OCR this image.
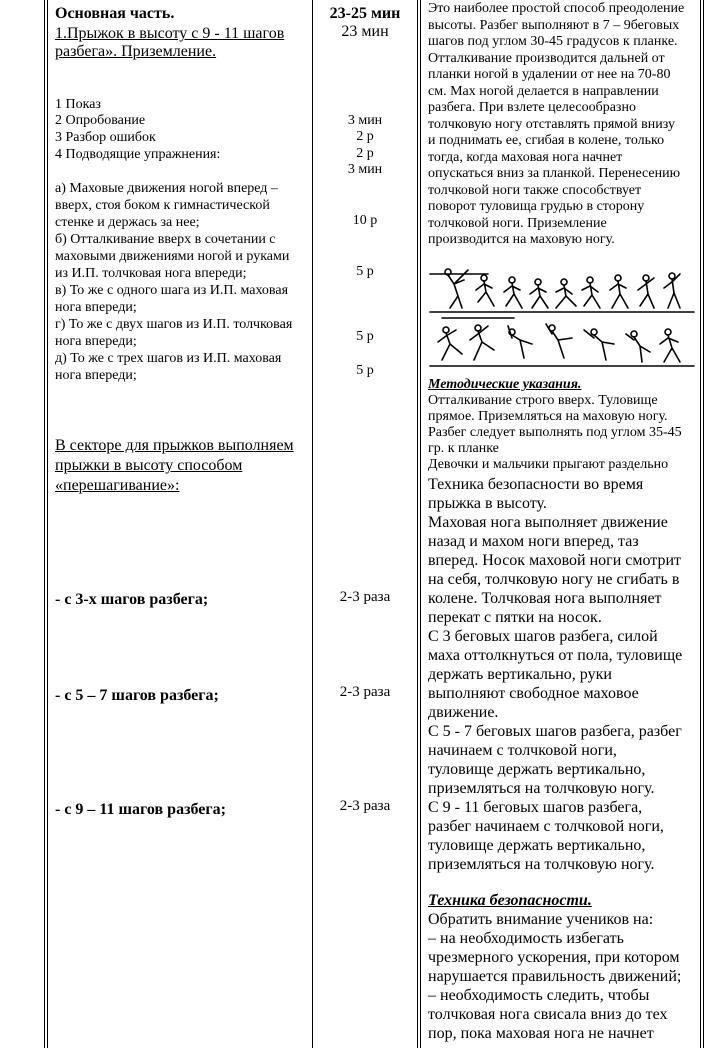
Основная часть.
1.Прыжок в высоту с 9 - 11 шагов
разбега». Приземление.
1 Показ
2 Опробование
3 Разбор ошибок
4 Подводящие упражнения:
а) Маховые движения ногой вперед –
вверх, стоя боком к гимнастической
стенке и держась за нее;
б) Отталкивание вверх в сочетании с
маховыми движениями ногой и руками
из И.П. толчковая нога впереди;
в) То же с одного шага из И.П. маховая
нога впереди;
г) То же с двух шагов из И.П. толчковая
нога впереди;
д) То же с трех шагов из И.П. маховая
нога впереди;
В секторе для прыжков выполняем
прыжки в высоту способом
«перешагивание»:
- с 3-х шагов разбега;
- с 5 – 7 шагов разбега;
- с 9 – 11 шагов разбега;
23-25 мин
23 мин
3 мин
2 р
2 р
3 мин
10 р
5 р
5 р
5 р
2-3 раза
2-3 раза
2-3 раза
Это наиболее простой способ преодоление
высоты. Разбег выполняют в 7 – 9беговых
шагов под углом 30-45 градусов к планке.
Отталкивание производится дальней от
планки ногой в удалении от нее на 70-80
см. Мах ногой делается в направлении
разбега. При взлете целесообразно
толчковую ногу отставлять прямой внизу
и поднимать ее, сгибая в колене, только
тогда, когда маховая нога начнет
опускаться вниз за планкой. Перенесению
толчковой ноги также способствует
поворот туловища грудью в сторону
толчковой ноги. Приземление
производится на маховую ногу.
Методические указания.
Отталкивание строго вверх. Туловище
прямое. Приземляться на маховую ногу.
Разбег следует выполнять под углом 35-45
гр. к планке
Девочки и мальчики прыгают раздельно
Техника безопасности во время
прыжка в высоту.
Маховая нога выполняет движение
назад и махом ноги вперед, таз
вперед. Носок маховой ноги смотрит
на себя, толчковую ногу не сгибать в
колене. Толчковая нога выполняет
перекат с пятки на носок.
С 3 беговых шагов разбега, силой
маха оттолкнуться от пола, туловище
держать вертикально, руки
выполняют свободное маховое
движение.
С 5 - 7 беговых шагов разбега, разбег
начинаем с толчковой ноги,
туловище держать вертикально,
приземляться на толчковую ногу.
С 9 - 11 беговых шагов разбега,
разбег начинаем с толчковой ноги,
туловище держать вертикально,
приземляться на толчковую ногу.
Техника безопасности.
Обратить внимание учеников на:
– на необходимость избегать
чрезмерного ускорения, при котором
нарушается правильность движений;
– необходимость следить, чтобы
толчковая нога свисала вниз до тех
пор, пока маховая нога не начнет
